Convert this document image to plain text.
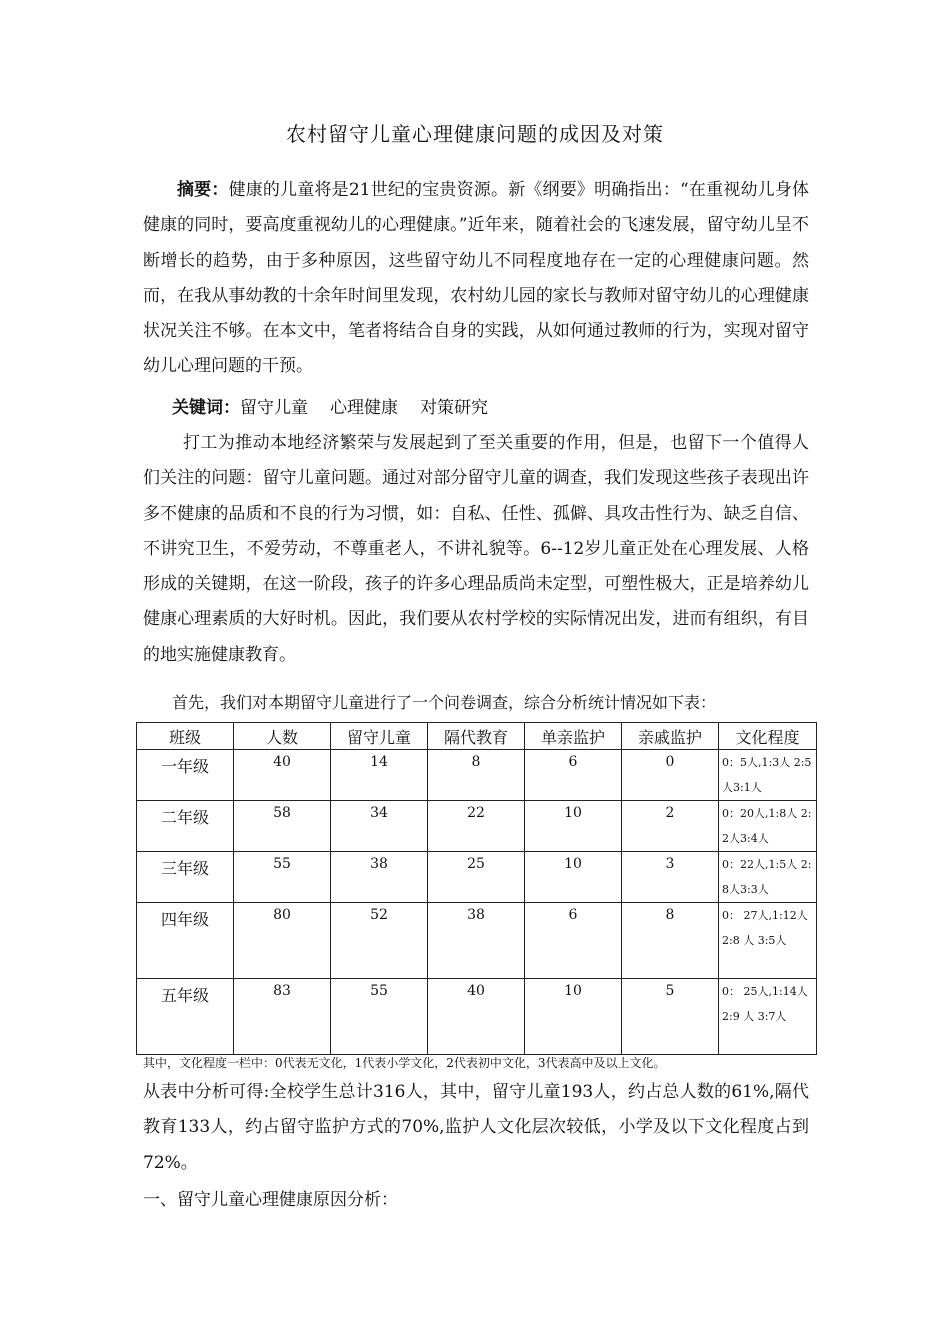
农村留守儿童心理健康问题的成因及对策

摘要：健康的儿童将是21世纪的宝贵资源。新《纲要》明确指出：“在重视幼儿身体健康的同时，要高度重视幼儿的心理健康。”近年来，随着社会的飞速发展，留守幼儿呈不断增长的趋势，由于多种原因，这些留守幼儿不同程度地存在一定的心理健康问题。然而，在我从事幼教的十余年时间里发现，农村幼儿园的家长与教师对留守幼儿的心理健康状况关注不够。在本文中，笔者将结合自身的实践，从如何通过教师的行为，实现对留守幼儿心理问题的干预。

关键词：留守儿童 心理健康 对策研究

打工为推动本地经济繁荣与发展起到了至关重要的作用，但是，也留下一个值得人们关注的问题：留守儿童问题。通过对部分留守儿童的调查，我们发现这些孩子表现出许多不健康的品质和不良的行为习惯，如：自私、任性、孤僻、具攻击性行为、缺乏自信、不讲究卫生，不爱劳动，不尊重老人，不讲礼貌等。6--12岁儿童正处在心理发展、人格形成的关键期，在这一阶段，孩子的许多心理品质尚未定型，可塑性极大，正是培养幼儿健康心理素质的大好时机。因此，我们要从农村学校的实际情况出发，进而有组织，有目的地实施健康教育。

首先，我们对本期留守儿童进行了一个问卷调查，综合分析统计情况如下表：
班级	人数	留守儿童	隔代教育	单亲监护	亲戚监护	文化程度
一年级	40	14	8	6	0	0：5人,1:3人 2:5人3:1人
二年级	58	34	22	10	2	0：20人,1:8人 2:2人3:4人
三年级	55	38	25	10	3	0：22人,1:5人 2:8人3:3人
四年级	80	52	38	6	8	0： 27人,1:12人 2:8 人 3:5人
五年级	83	55	40	10	5	0： 25人,1:14人 2:9 人 3:7人
其中，文化程度一栏中：0代表无文化，1代表小学文化，2代表初中文化，3代表高中及以上文化。

从表中分析可得:全校学生总计316人，其中，留守儿童193人，约占总人数的61%,隔代教育133人，约占留守监护方式的70%,监护人文化层次较低，小学及以下文化程度占到72%。

一、留守儿童心理健康原因分析：
